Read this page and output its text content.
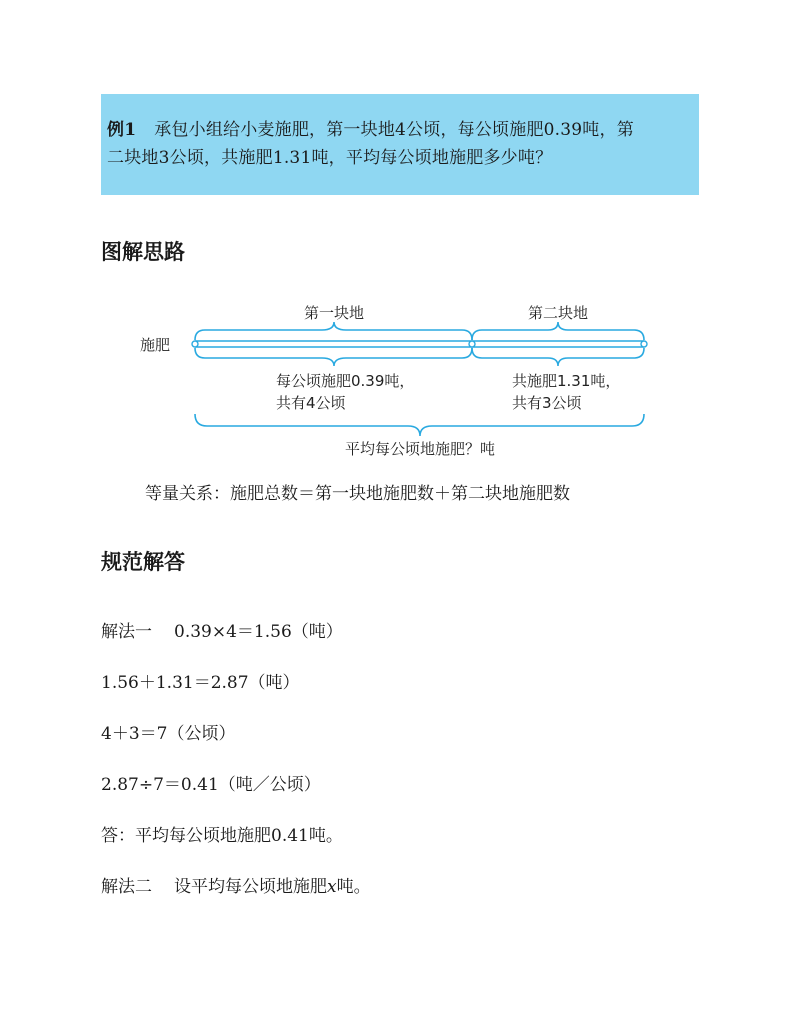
例1 承包小组给小麦施肥，第一块地4公顷，每公顷施肥0.39吨，第
二块地3公顷，共施肥1.31吨，平均每公顷地施肥多少吨？
图解思路
第一块地	第二块地
施肥
每公顷施肥0.39吨，
共有4公顷
共施肥1.31吨，
共有3公顷
平均每公顷地施肥？吨
等量关系：施肥总数＝第一块地施肥数＋第二块地施肥数
规范解答
解法一 0.39×4＝1.56（吨）
1.56＋1.31＝2.87（吨）
4＋3＝7（公顷）
2.87÷7＝0.41（吨／公顷）
答：平均每公顷地施肥0.41吨。
解法二 设平均每公顷地施肥x吨。
